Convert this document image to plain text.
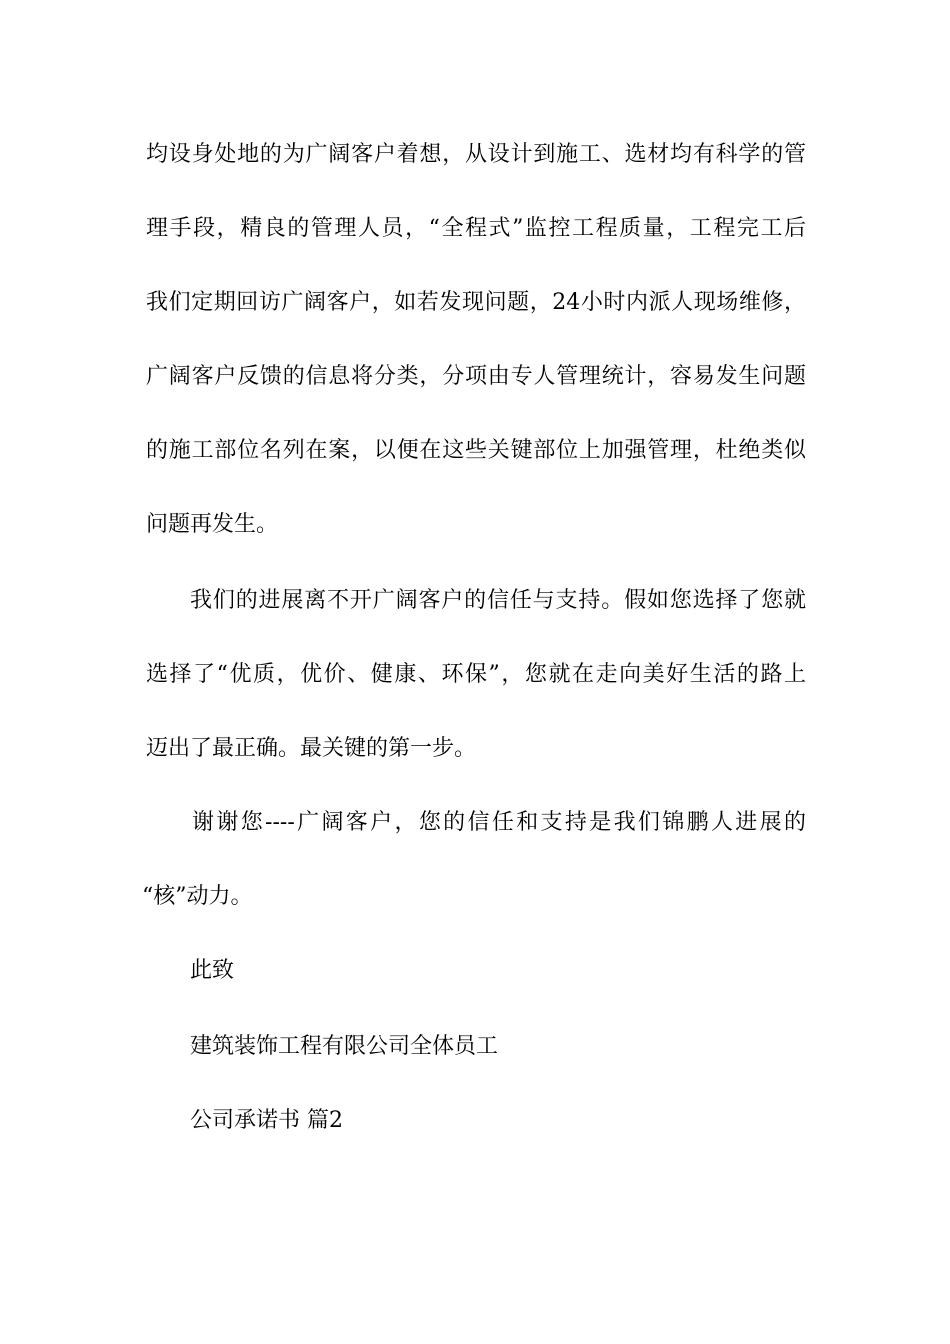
均设身处地的为广阔客户着想，从设计到施工、选材均有科学的管
理手段，精良的管理人员，“全程式”监控工程质量，工程完工后
我们定期回访广阔客户，如若发现问题，24小时内派人现场维修，
广阔客户反馈的信息将分类，分项由专人管理统计，容易发生问题
的施工部位名列在案，以便在这些关键部位上加强管理，杜绝类似
问题再发生。
我们的进展离不开广阔客户的信任与支持。假如您选择了您就
选择了“优质，优价、健康、环保”，您就在走向美好生活的路上
迈出了最正确。最关键的第一步。
谢谢您----广阔客户，您的信任和支持是我们锦鹏人进展的
“核”动力。
此致
建筑装饰工程有限公司全体员工
公司承诺书 篇2
